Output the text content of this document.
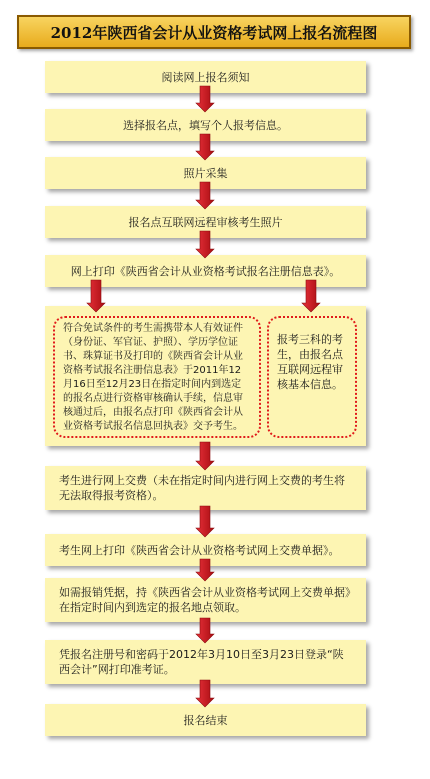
2012年陕西省会计从业资格考试网上报名流程图
阅读网上报名须知
选择报名点，填写个人报考信息。
照片采集
报名点互联网远程审核考生照片
网上打印《陕西省会计从业资格考试报名注册信息表》。
符合免试条件的考生需携带本人有效证件（身份证、军官证、护照）、学历学位证书、珠算证书及打印的《陕西省会计从业资格考试报名注册信息表》于2011年12月16日至12月23日在指定时间内到选定的报名点进行资格审核确认手续，信息审核通过后，由报名点打印《陕西省会计从业资格考试报名信息回执表》交予考生。
报考三科的考生，由报名点互联网远程审核基本信息。
考生进行网上交费（未在指定时间内进行网上交费的考生将无法取得报考资格）。
考生网上打印《陕西省会计从业资格考试网上交费单据》。
如需报销凭据，持《陕西省会计从业资格考试网上交费单据》在指定时间内到选定的报名地点领取。
凭报名注册号和密码于2012年3月10日至3月23日登录“陕西会计”网打印准考证。
报名结束
